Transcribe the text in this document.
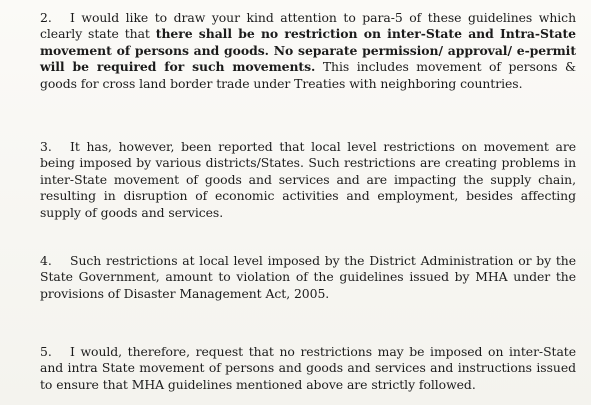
2. I would like to draw your kind attention to para-5 of these guidelines which clearly state that there shall be no restriction on inter-State and Intra-State movement of persons and goods. No separate permission/ approval/ e-permit will be required for such movements. This includes movement of persons & goods for cross land border trade under Treaties with neighboring countries.

3. It has, however, been reported that local level restrictions on movement are being imposed by various districts/States. Such restrictions are creating problems in inter-State movement of goods and services and are impacting the supply chain, resulting in disruption of economic activities and employment, besides affecting supply of goods and services.

4. Such restrictions at local level imposed by the District Administration or by the State Government, amount to violation of the guidelines issued by MHA under the provisions of Disaster Management Act, 2005.

5. I would, therefore, request that no restrictions may be imposed on inter-State and intra State movement of persons and goods and services and instructions issued to ensure that MHA guidelines mentioned above are strictly followed.
